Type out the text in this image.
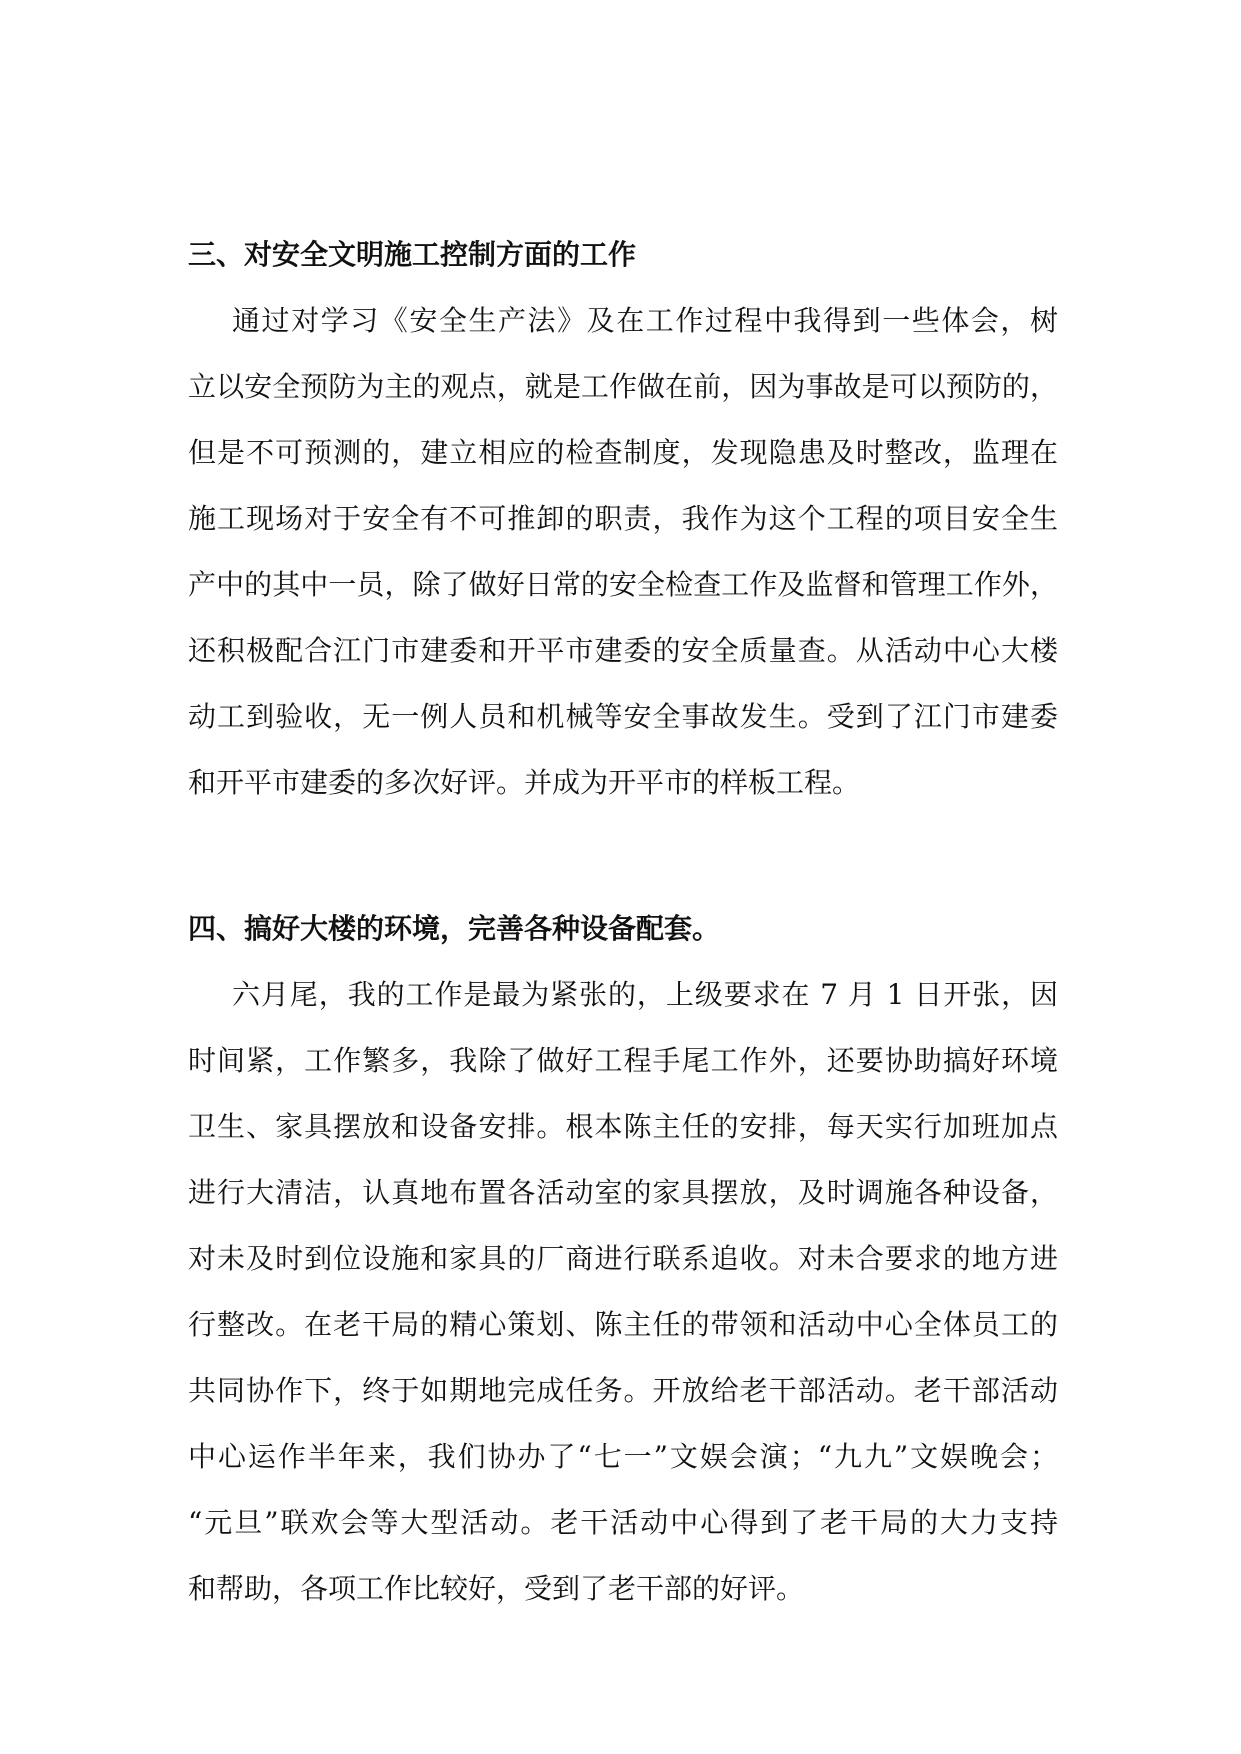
三、对安全文明施工控制方面的工作

通过对学习《安全生产法》及在工作过程中我得到一些体会，树
立以安全预防为主的观点，就是工作做在前，因为事故是可以预防的，
但是不可预测的，建立相应的检查制度，发现隐患及时整改，监理在
施工现场对于安全有不可推卸的职责，我作为这个工程的项目安全生
产中的其中一员，除了做好日常的安全检查工作及监督和管理工作外，
还积极配合江门市建委和开平市建委的安全质量查。从活动中心大楼
动工到验收，无一例人员和机械等安全事故发生。受到了江门市建委
和开平市建委的多次好评。并成为开平市的样板工程。

四、搞好大楼的环境，完善各种设备配套。

六月尾，我的工作是最为紧张的，上级要求在 7 月 1 日开张，因
时间紧，工作繁多，我除了做好工程手尾工作外，还要协助搞好环境
卫生、家具摆放和设备安排。根本陈主任的安排，每天实行加班加点
进行大清洁，认真地布置各活动室的家具摆放，及时调施各种设备，
对未及时到位设施和家具的厂商进行联系追收。对未合要求的地方进
行整改。在老干局的精心策划、陈主任的带领和活动中心全体员工的
共同协作下，终于如期地完成任务。开放给老干部活动。老干部活动
中心运作半年来，我们协办了“七一”文娱会演；“九九”文娱晚会；
“元旦”联欢会等大型活动。老干活动中心得到了老干局的大力支持
和帮助，各项工作比较好，受到了老干部的好评。
